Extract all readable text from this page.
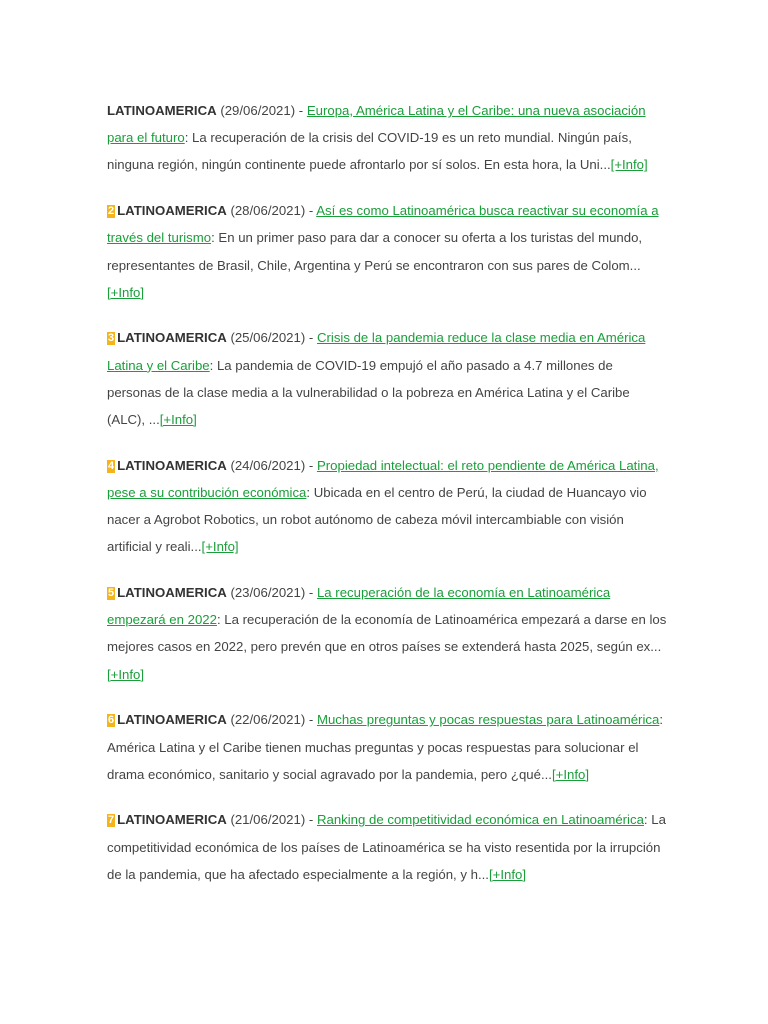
LATINOAMERICA (29/06/2021) - Europa, América Latina y el Caribe: una nueva asociación para el futuro: La recuperación de la crisis del COVID-19 es un reto mundial. Ningún país, ninguna región, ningún continente puede afrontarlo por sí solos. En esta hora, la Uni...[+Info]
2 LATINOAMERICA (28/06/2021) - Así es como Latinoamérica busca reactivar su economía a través del turismo: En un primer paso para dar a conocer su oferta a los turistas del mundo, representantes de Brasil, Chile, Argentina y Perú se encontraron con sus pares de Colom...[+Info]
3 LATINOAMERICA (25/06/2021) - Crisis de la pandemia reduce la clase media en América Latina y el Caribe: La pandemia de COVID-19 empujó el año pasado a 4.7 millones de personas de la clase media a la vulnerabilidad o la pobreza en América Latina y el Caribe (ALC), ...[+Info]
4 LATINOAMERICA (24/06/2021) - Propiedad intelectual: el reto pendiente de América Latina, pese a su contribución económica: Ubicada en el centro de Perú, la ciudad de Huancayo vio nacer a Agrobot Robotics, un robot autónomo de cabeza móvil intercambiable con visión artificial y reali...[+Info]
5 LATINOAMERICA (23/06/2021) - La recuperación de la economía en Latinoamérica empezará en 2022: La recuperación de la economía de Latinoamérica empezará a darse en los mejores casos en 2022, pero prevén que en otros países se extenderá hasta 2025, según ex...[+Info]
6 LATINOAMERICA (22/06/2021) - Muchas preguntas y pocas respuestas para Latinoamérica: América Latina y el Caribe tienen muchas preguntas y pocas respuestas para solucionar el drama económico, sanitario y social agravado por la pandemia, pero ¿qué...[+Info]
7 LATINOAMERICA (21/06/2021) - Ranking de competitividad económica en Latinoamérica: La competitividad económica de los países de Latinoamérica se ha visto resentida por la irrupción de la pandemia, que ha afectado especialmente a la región, y h...[+Info]
